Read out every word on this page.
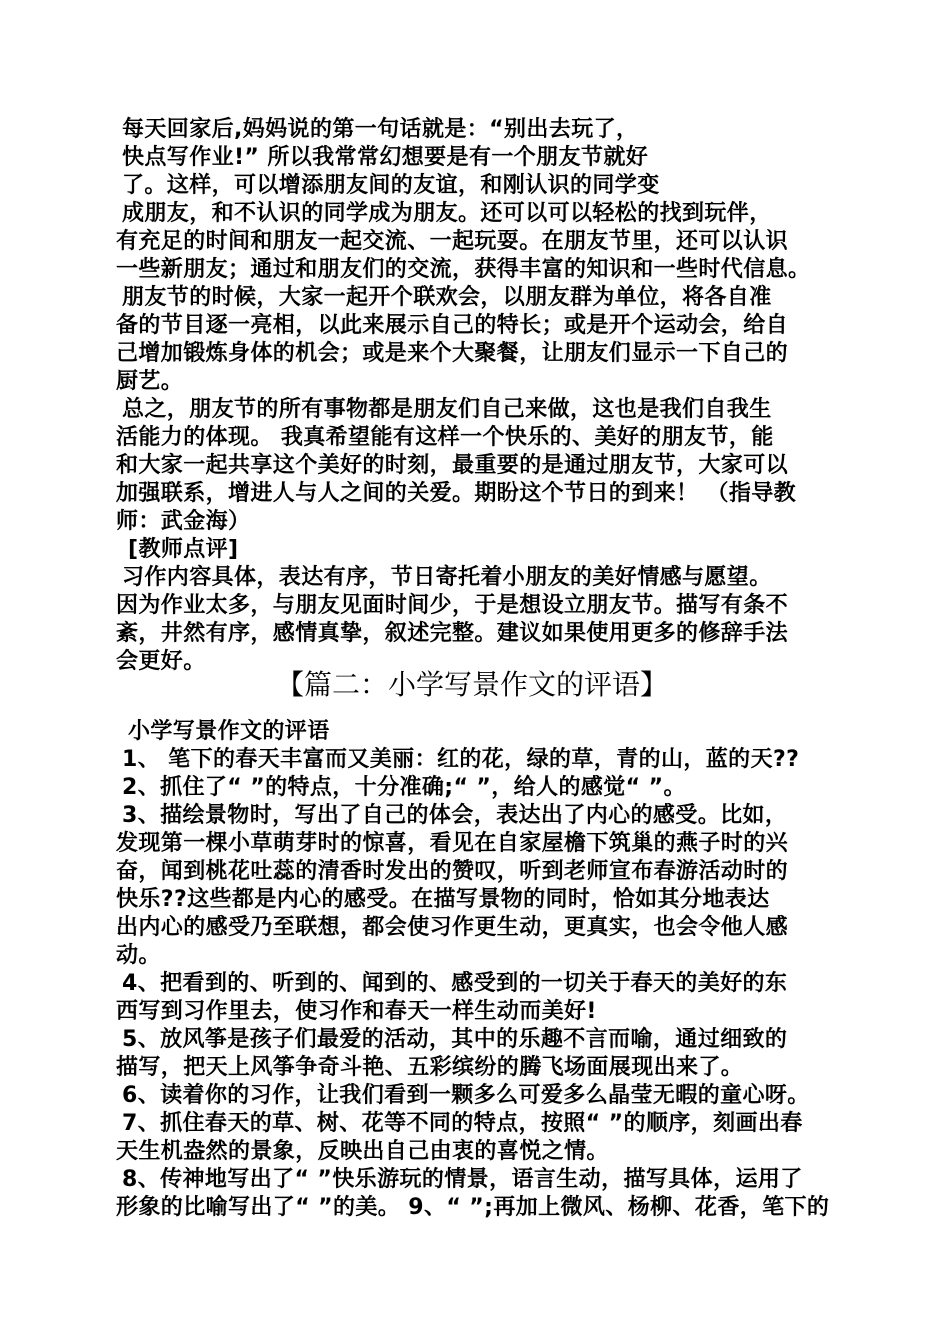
每天回家后,妈妈说的第一句话就是：“别出去玩了，
快点写作业!” 所以我常常幻想要是有一个朋友节就好
了。这样，可以增添朋友间的友谊，和刚认识的同学变
成朋友，和不认识的同学成为朋友。还可以可以轻松的找到玩伴，
有充足的时间和朋友一起交流、一起玩耍。在朋友节里，还可以认识
一些新朋友；通过和朋友们的交流，获得丰富的知识和一些时代信息。
朋友节的时候，大家一起开个联欢会，以朋友群为单位，将各自准
备的节目逐一亮相，以此来展示自己的特长；或是开个运动会，给自
己增加锻炼身体的机会；或是来个大聚餐，让朋友们显示一下自己的
厨艺。
总之，朋友节的所有事物都是朋友们自己来做，这也是我们自我生
活能力的体现。 我真希望能有这样一个快乐的、美好的朋友节，能
和大家一起共享这个美好的时刻，最重要的是通过朋友节，大家可以
加强联系，增进人与人之间的关爱。期盼这个节日的到来！ （指导教
师：武金海）
[教师点评]
习作内容具体，表达有序，节日寄托着小朋友的美好情感与愿望。
因为作业太多，与朋友见面时间少，于是想设立朋友节。描写有条不
紊，井然有序，感情真挚，叙述完整。建议如果使用更多的修辞手法
会更好。
【篇二：小学写景作文的评语】
小学写景作文的评语
1、 笔下的春天丰富而又美丽：红的花，绿的草，青的山，蓝的天??
2、抓住了“ ”的特点，十分准确;“ ”，给人的感觉“ ”。
3、描绘景物时，写出了自己的体会，表达出了内心的感受。比如，
发现第一棵小草萌芽时的惊喜，看见在自家屋檐下筑巢的燕子时的兴
奋，闻到桃花吐蕊的清香时发出的赞叹，听到老师宣布春游活动时的
快乐??这些都是内心的感受。在描写景物的同时，恰如其分地表达
出内心的感受乃至联想，都会使习作更生动，更真实，也会令他人感
动。
4、把看到的、听到的、闻到的、感受到的一切关于春天的美好的东
西写到习作里去，使习作和春天一样生动而美好!
5、放风筝是孩子们最爱的活动，其中的乐趣不言而喻，通过细致的
描写，把天上风筝争奇斗艳、五彩缤纷的腾飞场面展现出来了。
6、读着你的习作，让我们看到一颗多么可爱多么晶莹无暇的童心呀。
7、抓住春天的草、树、花等不同的特点，按照“ ”的顺序，刻画出春
天生机盎然的景象，反映出自己由衷的喜悦之情。
8、传神地写出了“ ”快乐游玩的情景，语言生动，描写具体，运用了
形象的比喻写出了“ ”的美。 9、“ ”;再加上微风、杨柳、花香，笔下的
